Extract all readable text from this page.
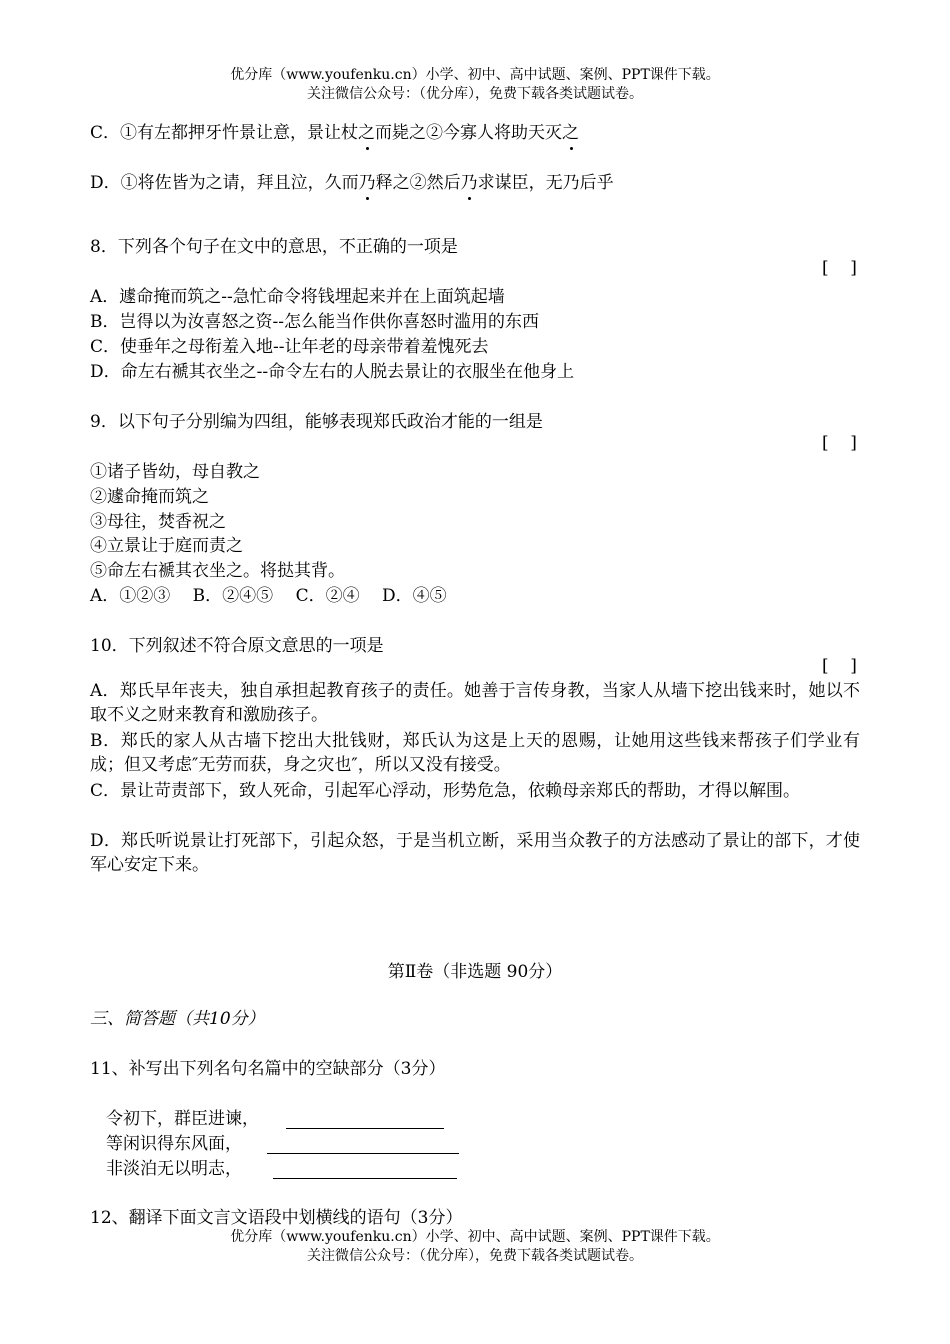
优分库（www.youfenku.cn）小学、初中、高中试题、案例、PPT课件下载。
关注微信公众号：（优分库），免费下载各类试题试卷。
C．①有左都押牙忤景让意，景让杖之而毙之②今寡人将助天灭之
D．①将佐皆为之请，拜且泣，久而乃释之②然后乃求谋臣，无乃后乎
8．下列各个句子在文中的意思，不正确的一项是
[    ]
A．遽命掩而筑之--急忙命令将钱埋起来并在上面筑起墙
B．岂得以为汝喜怒之资--怎么能当作供你喜怒时滥用的东西
C．使垂年之母衔羞入地--让年老的母亲带着羞愧死去
D．命左右褫其衣坐之--命令左右的人脱去景让的衣服坐在他身上
9．以下句子分别编为四组，能够表现郑氏政治才能的一组是
[    ]
①诸子皆幼，母自教之
②遽命掩而筑之
③母往，焚香祝之
④立景让于庭而责之
⑤命左右褫其衣坐之。将挞其背。
A．①②③　 B．②④⑤　 C．②④　 D．④⑤
10．下列叙述不符合原文意思的一项是
[    ]
A．郑氏早年丧夫，独自承担起教育孩子的责任。她善于言传身教，当家人从墙下挖出钱来时，她以不取不义之财来教育和激励孩子。
B．郑氏的家人从古墙下挖出大批钱财，郑氏认为这是上天的恩赐，让她用这些钱来帮孩子们学业有成；但又考虑″无劳而获，身之灾也″，所以又没有接受。
C．景让苛责部下，致人死命，引起军心浮动，形势危急，依赖母亲郑氏的帮助，才得以解围。
D．郑氏听说景让打死部下，引起众怒，于是当机立断，采用当众教子的方法感动了景让的部下，才使军心安定下来。
第Ⅱ卷（非选题 90分）
三、简答题（共10分）
11、补写出下列名句名篇中的空缺部分（3分）
令初下，群臣进谏，
等闲识得东风面，
非淡泊无以明志，
12、翻译下面文言文语段中划横线的语句（3分）
优分库（www.youfenku.cn）小学、初中、高中试题、案例、PPT课件下载。
关注微信公众号：（优分库），免费下载各类试题试卷。
